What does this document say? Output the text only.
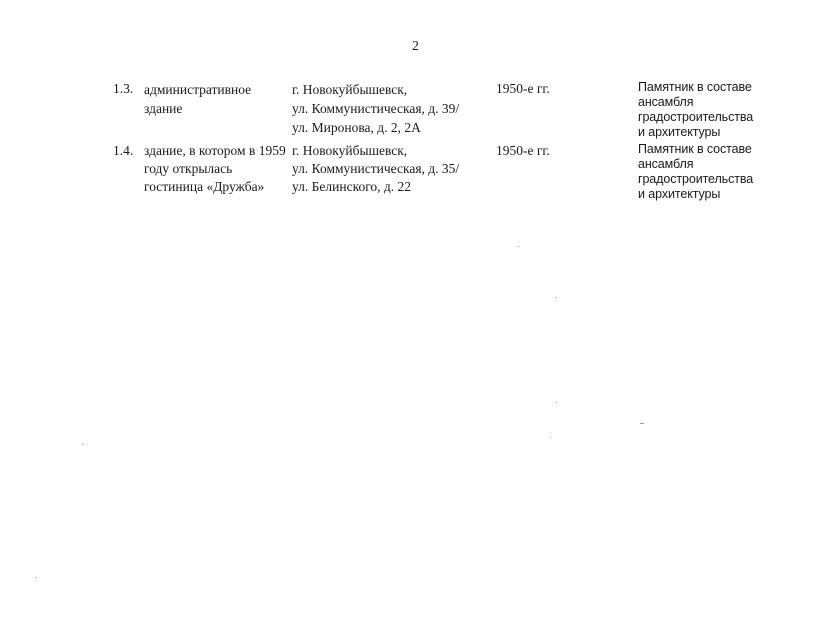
2
1.3. административное
здание
г. Новокуйбышевск,
ул. Коммунистическая, д. 39/
ул. Миронова, д. 2, 2А
1950-е гг.	Памятник в составе
ансамбля
градостроительства
и архитектуры
1.4. здание, в котором в 1959
году открылась
гостиница «Дружба»
г. Новокуйбышевск,
ул. Коммунистическая, д. 35/
ул. Белинского, д. 22
1950-е гг.	Памятник в составе
ансамбля
градостроительства
и архитектуры
